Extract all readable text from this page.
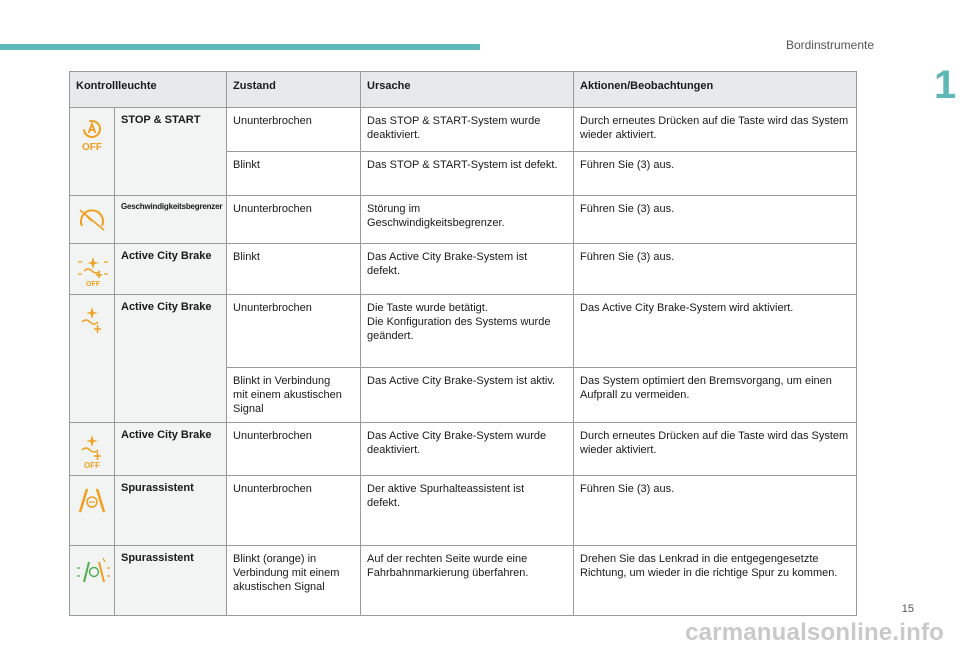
Bordinstrumente
1
Kontrollleuchte		Zustand	Ursache	Aktionen/Beobachtungen

OFF	STOP & START	Ununterbrochen	Das STOP & START-System wurde
deaktiviert.	Durch erneutes Drücken auf die Taste wird das System
wieder aktiviert.

		Blinkt	Das STOP & START-System ist defekt.	Führen Sie (3) aus.

	Geschwindigkeitsbegrenzer	Ununterbrochen	Störung im
Geschwindigkeitsbegrenzer.	Führen Sie (3) aus.

OFF	Active City Brake	Blinkt	Das Active City Brake-System ist
defekt.	Führen Sie (3) aus.

	Active City Brake	Ununterbrochen	Die Taste wurde betätigt.
Die Konfiguration des Systems wurde
geändert.	Das Active City Brake-System wird aktiviert.

		Blinkt in Verbindung
mit einem akustischen
Signal	Das Active City Brake-System ist aktiv.	Das System optimiert den Bremsvorgang, um einen
Aufprall zu vermeiden.

OFF	Active City Brake	Ununterbrochen	Das Active City Brake-System wurde
deaktiviert.	Durch erneutes Drücken auf die Taste wird das System
wieder aktiviert.

	Spurassistent	Ununterbrochen	Der aktive Spurhalteassistent ist
defekt.	Führen Sie (3) aus.

	Spurassistent	Blinkt (orange) in
Verbindung mit einem
akustischen Signal	Auf der rechten Seite wurde eine
Fahrbahnmarkierung überfahren.	Drehen Sie das Lenkrad in die entgegengesetzte
Richtung, um wieder in die richtige Spur zu kommen.
15
carmanualsonline.info
